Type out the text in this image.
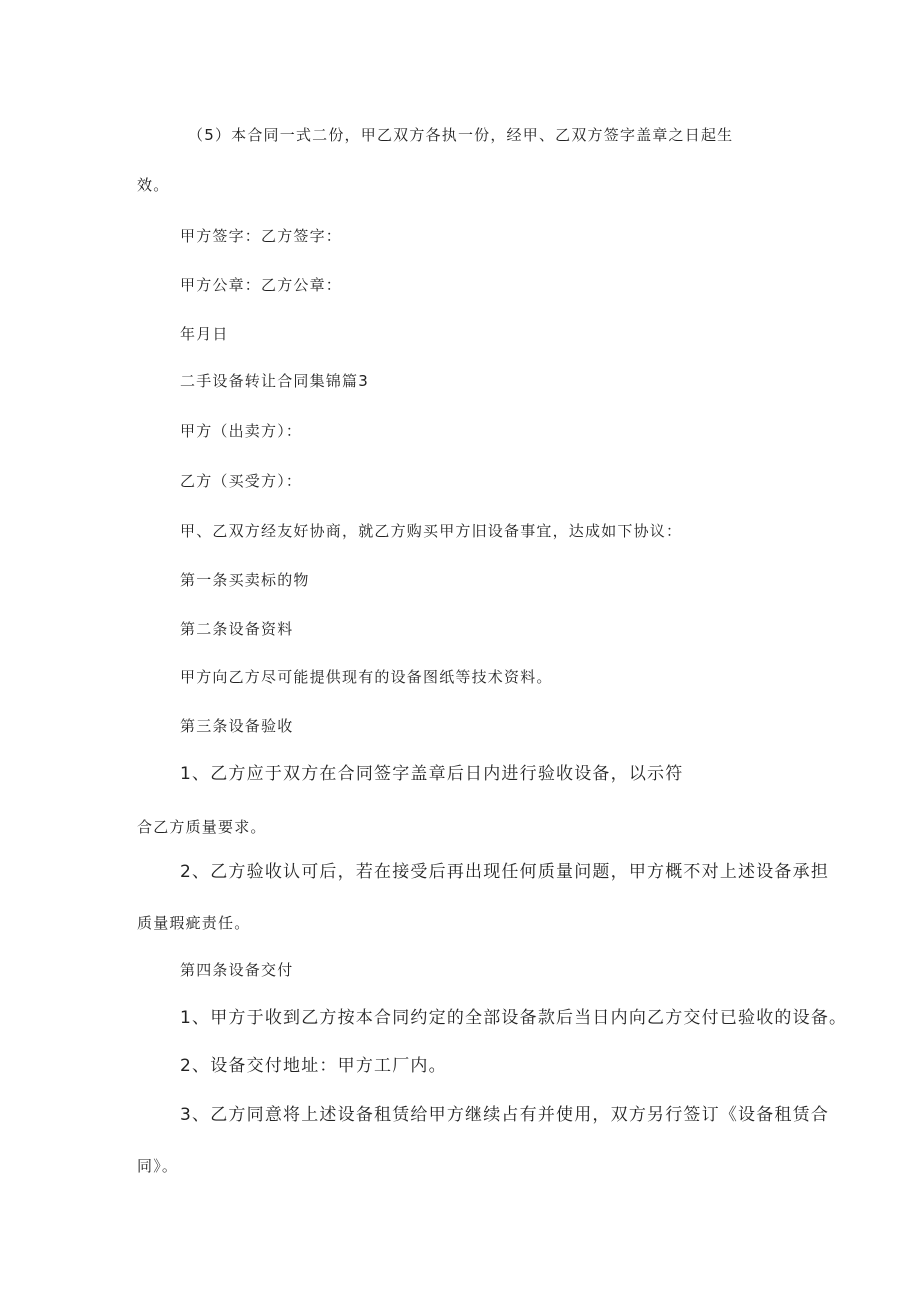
（5）本合同一式二份，甲乙双方各执一份，经甲、乙双方签字盖章之日起生
效。
甲方签字：乙方签字：
甲方公章：乙方公章：
年月日
二手设备转让合同集锦篇3
甲方（出卖方）：
乙方（买受方）：
甲、乙双方经友好协商，就乙方购买甲方旧设备事宜，达成如下协议：
第一条买卖标的物
第二条设备资料
甲方向乙方尽可能提供现有的设备图纸等技术资料。
第三条设备验收
1、乙方应于双方在合同签字盖章后日内进行验收设备，以示符
合乙方质量要求。
2、乙方验收认可后，若在接受后再出现任何质量问题，甲方概不对上述设备承担
质量瑕疵责任。
第四条设备交付
1、甲方于收到乙方按本合同约定的全部设备款后当日内向乙方交付已验收的设备。
2、设备交付地址：甲方工厂内。
3、乙方同意将上述设备租赁给甲方继续占有并使用，双方另行签订《设备租赁合
同》。
